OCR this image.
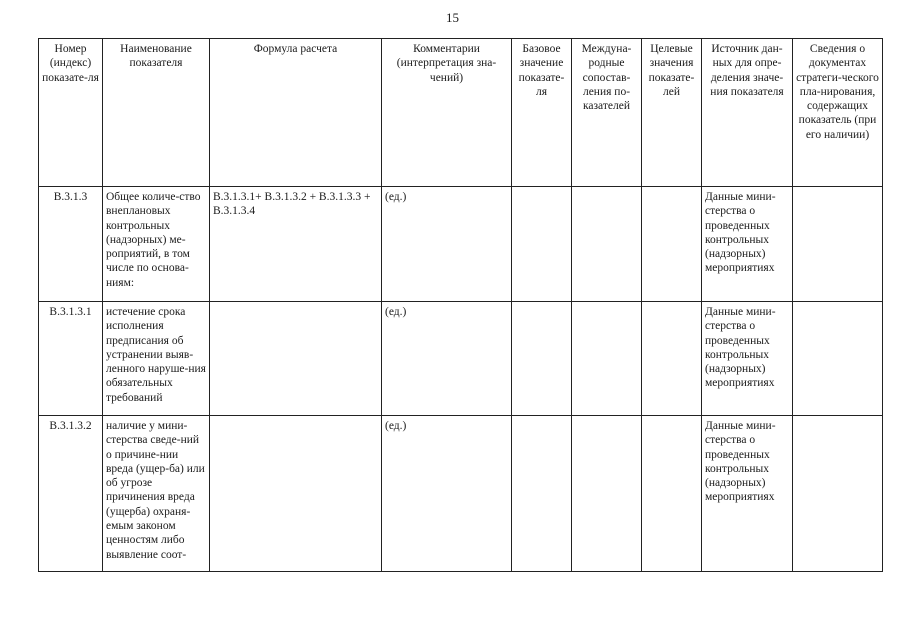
15
Номер (индекс) показате-ля	Наименование показателя	Формула расчета	Комментарии (интерпретация зна-чений)	Базовое значение показате-ля	Междуна-родные сопостав-ления по-казателей	Целевые значения показате-лей	Источник дан-ных для опре-деления значе-ния показателя	Сведения о документах стратеги-ческого пла-нирования, содержащих показатель (при его наличии)
В.3.1.3	Общее количе-ство внеплановых контрольных (надзорных) ме-роприятий, в том числе по основа-ниям:	В.3.1.3.1+ В.3.1.3.2 + В.3.1.3.3 + В.3.1.3.4	(ед.)				Данные мини-стерства о проведенных контрольных (надзорных) мероприятиях	
В.3.1.3.1	истечение срока исполнения предписания об устранении выяв-ленного наруше-ния обязательных требований		(ед.)				Данные мини-стерства о проведенных контрольных (надзорных) мероприятиях	
В.3.1.3.2	наличие у мини-стерства сведе-ний о причине-нии вреда (ущер-ба) или об угрозе причинения вреда (ущерба) охраня-емым законом ценностям либо выявление соот-		(ед.)				Данные мини-стерства о проведенных контрольных (надзорных) мероприятиях	
